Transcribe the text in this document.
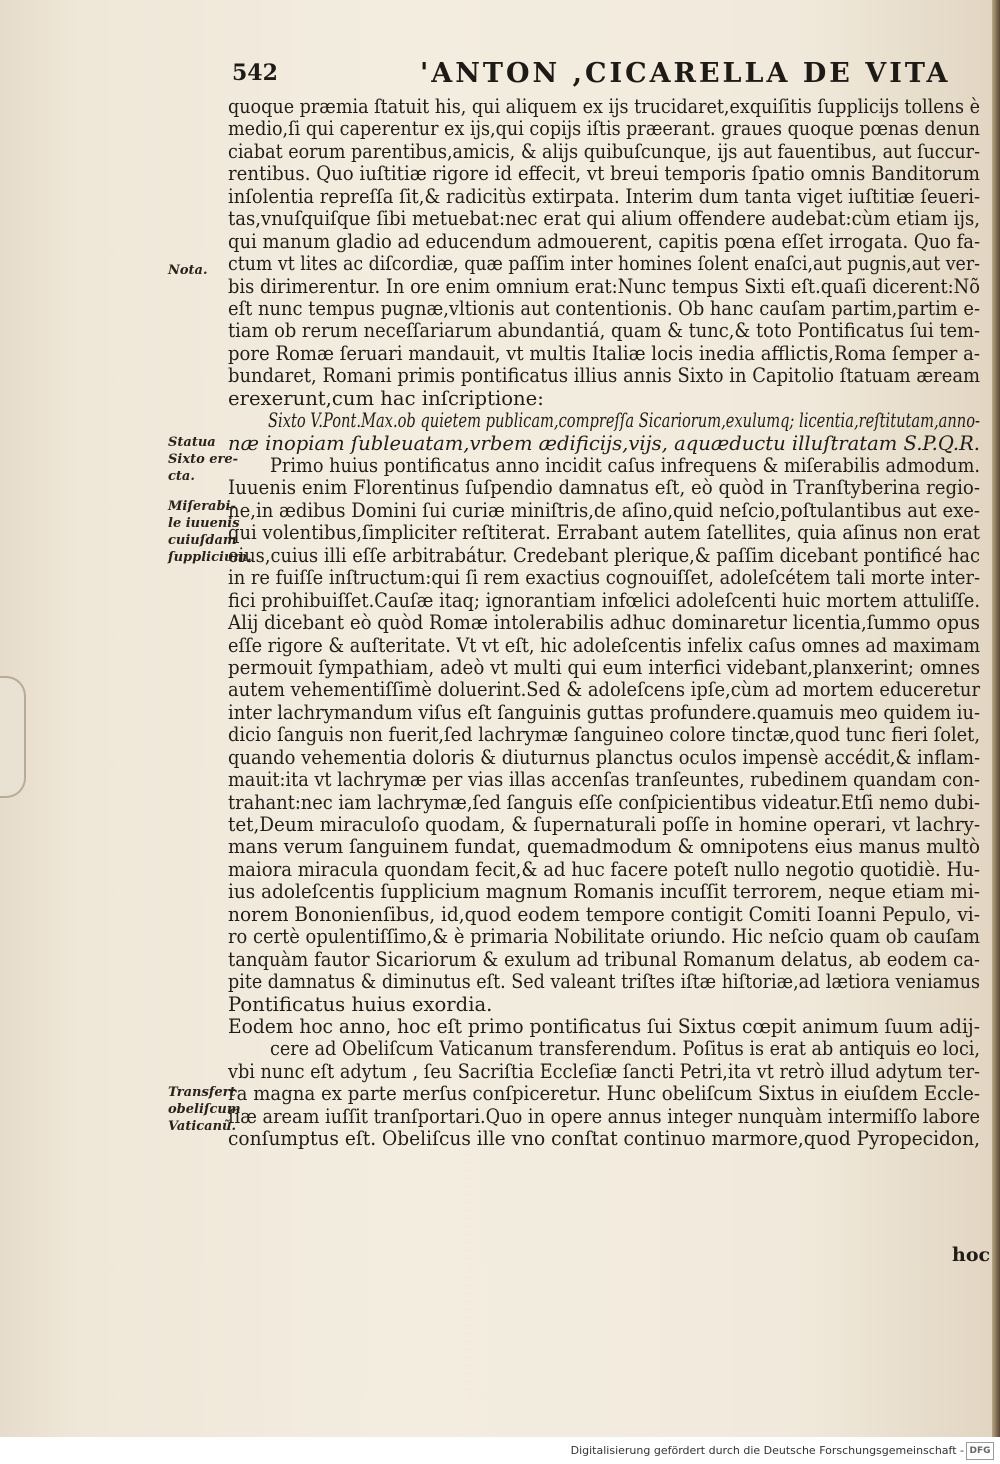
542	'ANTON ,CICARELLA DE VITA
Nota.
Statua
Sixto ere-
cta.
Miſerabi-
le iuuenis
cuiuſdam
ſupplicium.
Transfert
obeliſcum
Vaticanũ.
quoque præmia ſtatuit his, qui aliquem ex ijs trucidaret,exquiſitis ſupplicijs tollens è
medio,ſi qui caperentur ex ijs,qui copijs iſtis præerant. graues quoque pœnas denun
ciabat eorum parentibus,amicis, & alijs quibuſcunque, ijs aut fauentibus, aut ſuccur-
rentibus. Quo iuſtitiæ rigore id effecit, vt breui temporis ſpatio omnis Banditorum
inſolentia repreſſa ſit,& radicitùs extirpata. Interim dum tanta viget iuſtitiæ ſeueri-
tas,vnuſquiſque ſibi metuebat:nec erat qui alium offendere audebat:cùm etiam ijs,
qui manum gladio ad educendum admouerent, capitis pœna eſſet irrogata. Quo fa-
ctum vt lites ac diſcordiæ, quæ paſſim inter homines ſolent enaſci,aut pugnis,aut ver-
bis dirimerentur. In ore enim omnium erat:Nunc tempus Sixti eſt.quaſi dicerent:Nõ
eſt nunc tempus pugnæ,vltionis aut contentionis. Ob hanc cauſam partim,partim e-
tiam ob rerum neceſſariarum abundantiá, quam & tunc,& toto Pontificatus ſui tem-
pore Romæ ſeruari mandauit, vt multis Italiæ locis inedia afflictis,Roma ſemper a-
bundaret, Romani primis pontificatus illius annis Sixto in Capitolio ſtatuam æream
erexerunt,cum hac inſcriptione:
Sixto V.Pont.Max.ob quietem publicam,compreſſa Sicariorum,exulumq; licentia,reſtitutam,anno-
næ inopiam ſubleuatam,vrbem ædificijs,vijs, aquæductu illuſtratam S.P.Q.R.
Primo huius pontificatus anno incidit caſus infrequens & miſerabilis admodum.
Iuuenis enim Florentinus ſuſpendio damnatus eſt, eò quòd in Tranſtyberina regio-
ne,in ædibus Domini ſui curiæ miniſtris,de aſino,quid neſcio,poſtulantibus aut exe-
qui volentibus,ſimpliciter reſtiterat. Errabant autem ſatellites, quia aſinus non erat
eius,cuius illi eſſe arbitrabátur. Credebant plerique,& paſſim dicebant pontificé hac
in re fuiſſe inſtructum:qui ſi rem exactius cognouiſſet, adoleſcétem tali morte inter-
fici prohibuiſſet.Cauſæ itaq; ignorantiam infœlici adoleſcenti huic mortem attuliſſe.
Alij dicebant eò quòd Romæ intolerabilis adhuc dominaretur licentia,ſummo opus
eſſe rigore & auſteritate. Vt vt eſt, hic adoleſcentis infelix caſus omnes ad maximam
permouit ſympathiam, adeò vt multi qui eum interfici videbant,planxerint; omnes
autem vehementiſſimè doluerint.Sed & adoleſcens ipſe,cùm ad mortem educeretur
inter lachrymandum viſus eſt ſanguinis guttas profundere.quamuis meo quidem iu-
dicio ſanguis non fuerit,ſed lachrymæ ſanguineo colore tinctæ,quod tunc fieri ſolet,
quando vehementia doloris & diuturnus planctus oculos impensè accédit,& inflam-
mauit:ita vt lachrymæ per vias illas accenſas tranſeuntes, rubedinem quandam con-
trahant:nec iam lachrymæ,ſed ſanguis eſſe conſpicientibus videatur.Etſi nemo dubi-
tet,Deum miraculoſo quodam, & ſupernaturali poſſe in homine operari, vt lachry-
mans verum ſanguinem fundat, quemadmodum & omnipotens eius manus multò
maiora miracula quondam fecit,& ad huc facere poteſt nullo negotio quotidiè. Hu-
ius adoleſcentis ſupplicium magnum Romanis incuſſit terrorem, neque etiam mi-
norem Bononienſibus, id,quod eodem tempore contigit Comiti Ioanni Pepulo, vi-
ro certè opulentiſſimo,& è primaria Nobilitate oriundo. Hic neſcio quam ob cauſam
tanquàm fautor Sicariorum & exulum ad tribunal Romanum delatus, ab eodem ca-
pite damnatus & diminutus eſt. Sed valeant triſtes iſtæ hiſtoriæ,ad lætiora veniamus
Pontificatus huius exordia.
Eodem hoc anno, hoc eſt primo pontificatus ſui Sixtus cœpit animum ſuum adij-
cere ad Obeliſcum Vaticanum transferendum. Poſitus is erat ab antiquis eo loci,
vbi nunc eſt adytum , ſeu Sacriſtia Eccleſiæ ſancti Petri,ita vt retrò illud adytum ter-
ra magna ex parte merſus conſpiceretur. Hunc obeliſcum Sixtus in eiuſdem Eccle-
ſiæ aream iuſſit tranſportari.Quo in opere annus integer nunquàm intermiſſo labore
conſumptus eſt. Obeliſcus ille vno conſtat continuo marmore,quod Pyropecidon,
hoc
Digitalisierung gefördert durch die Deutsche Forschungsgemeinschaft - DFG
